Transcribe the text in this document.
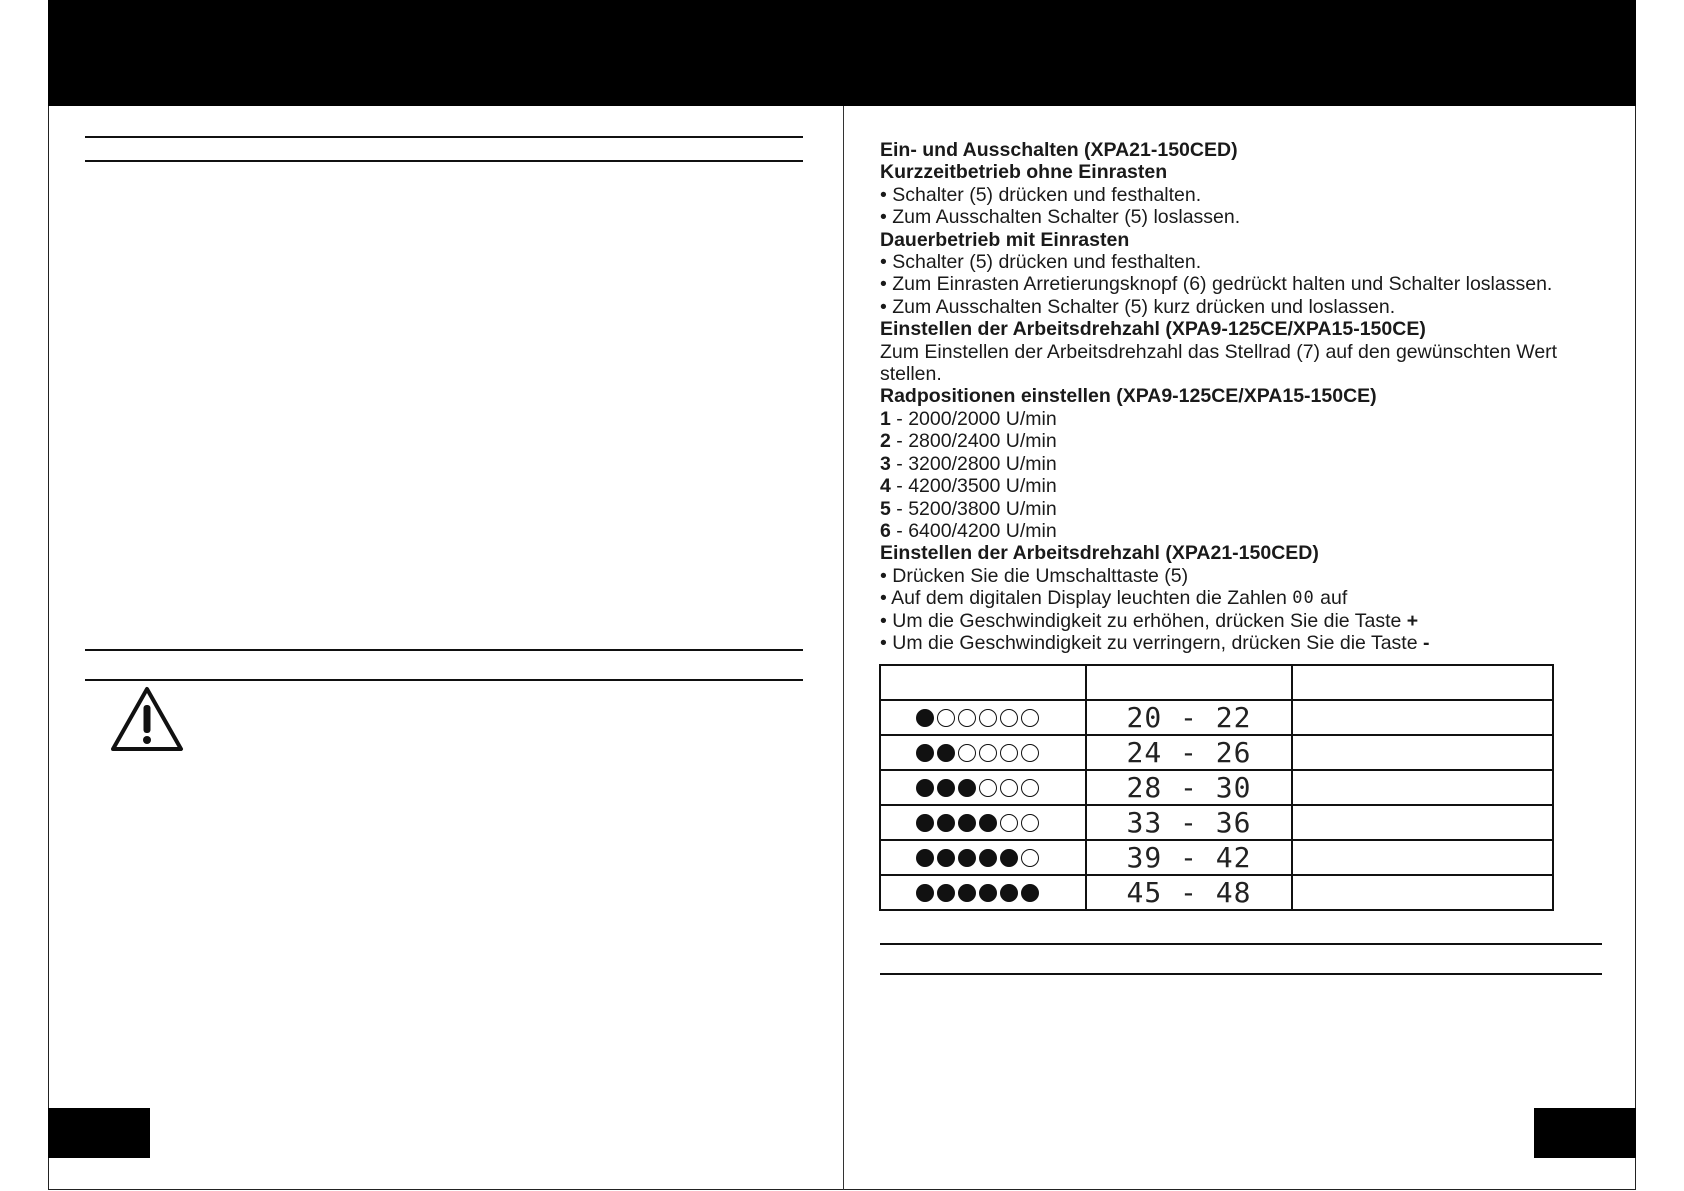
Ein- und Ausschalten (XPA21-150CED)
Kurzzeitbetrieb ohne Einrasten
• Schalter (5) drücken und festhalten.
• Zum Ausschalten Schalter (5) loslassen.
Dauerbetrieb mit Einrasten
• Schalter (5) drücken und festhalten.
• Zum Einrasten Arretierungsknopf (6) gedrückt halten und Schalter loslassen.
• Zum Ausschalten Schalter (5) kurz drücken und loslassen.
Einstellen der Arbeitsdrehzahl (XPA9-125CE/XPA15-150CE)
Zum Einstellen der Arbeitsdrehzahl das Stellrad (7) auf den gewünschten Wert stellen.
Radpositionen einstellen (XPA9-125CE/XPA15-150CE)
1 - 2000/2000 U/min
2 - 2800/2400 U/min
3 - 3200/2800 U/min
4 - 4200/3500 U/min
5 - 5200/3800 U/min
6 - 6400/4200 U/min
Einstellen der Arbeitsdrehzahl (XPA21-150CED)
• Drücken Sie die Umschalttaste (5)
• Auf dem digitalen Display leuchten die Zahlen 00 auf
• Um die Geschwindigkeit zu erhöhen, drücken Sie die Taste +
• Um die Geschwindigkeit zu verringern, drücken Sie die Taste -

	20 - 22	

	24 - 26	

	28 - 30	

	33 - 36	

	39 - 42	

	45 - 48	
